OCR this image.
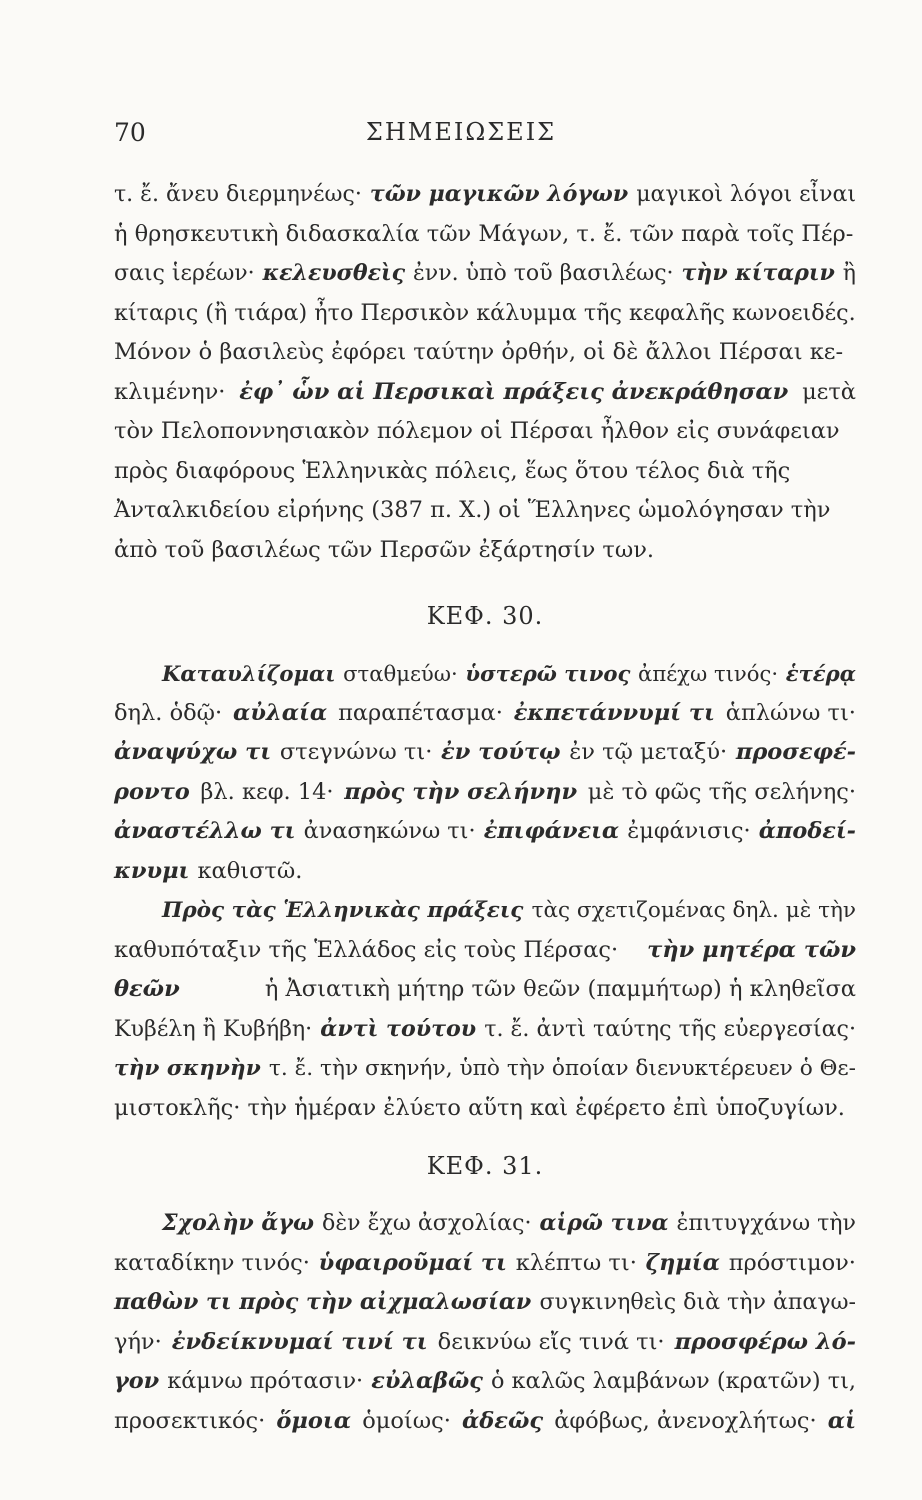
70	ΣΗΜΕΙΩΣΕΙΣ
τ. ἔ. ἄνευ διερμηνέως· τῶν μαγικῶν λόγων μαγικοὶ λόγοι εἶναι
ἡ θρησκευτικὴ διδασκαλία τῶν Μάγων, τ. ἔ. τῶν παρὰ τοῖς Πέρ-
σαις ἱερέων· κελευσθεὶς ἐνν. ὑπὸ τοῦ βασιλέως· τὴν κίταριν ἢ
κίταρις (ἢ τιάρα) ἦτο Περσικὸν κάλυμμα τῆς κεφαλῆς κωνοειδές.
Μόνον ὁ βασιλεὺς ἐφόρει ταύτην ὀρθήν, οἱ δὲ ἄλλοι Πέρσαι κε-
κλιμένην· ἐφ᾽ ὧν αἱ Περσικαὶ πράξεις ἀνεκράθησαν μετὰ
τὸν Πελοποννησιακὸν πόλεμον οἱ Πέρσαι ἦλθον εἰς συνάφειαν
πρὸς διαφόρους Ἑλληνικὰς πόλεις, ἕως ὅτου τέλος διὰ τῆς
Ἀνταλκιδείου εἰρήνης (387 π. Χ.) οἱ Ἕλληνες ὡμολόγησαν τὴν
ἀπὸ τοῦ βασιλέως τῶν Περσῶν ἐξάρτησίν των.
ΚΕΦ. 30.
Καταυλίζομαι σταθμεύω· ὑστερῶ τινος ἀπέχω τινός· ἑτέρᾳ
δηλ. ὁδῷ· αὐλαία παραπέτασμα· ἐκπετάννυμί τι ἁπλώνω τι·
ἀναψύχω τι στεγνώνω τι· ἐν τούτῳ ἐν τῷ μεταξύ· προσεφέ-
ροντο βλ. κεφ. 14· πρὸς τὴν σελήνην μὲ τὸ φῶς τῆς σελήνης·
ἀναστέλλω τι ἀνασηκώνω τι· ἐπιφάνεια ἐμφάνισις· ἀποδεί-
κνυμι καθιστῶ.
Πρὸς τὰς Ἑλληνικὰς πράξεις τὰς σχετιζομένας δηλ. μὲ τὴν
καθυπόταξιν τῆς Ἑλλάδος εἰς τοὺς Πέρσας· τὴν μητέρα τῶν
θεῶν	ἡ Ἀσιατικὴ μήτηρ τῶν θεῶν (παμμήτωρ) ἡ κληθεῖσα
Κυβέλη ἢ Κυβήβη· ἀντὶ τούτου τ. ἔ. ἀντὶ ταύτης τῆς εὐεργεσίας·
τὴν σκηνὴν τ. ἔ. τὴν σκηνήν, ὑπὸ τὴν ὁποίαν διενυκτέρευεν ὁ Θε-
μιστοκλῆς· τὴν ἡμέραν ἐλύετο αὕτη καὶ ἐφέρετο ἐπὶ ὑποζυγίων.
ΚΕΦ. 31.
Σχολὴν ἄγω δὲν ἔχω ἀσχολίας· αἱρῶ τινα ἐπιτυγχάνω τὴν
καταδίκην τινός· ὑφαιροῦμαί τι κλέπτω τι· ζημία πρόστιμον·
παθὼν τι πρὸς τὴν αἰχμαλωσίαν συγκινηθεὶς διὰ τὴν ἀπαγω-
γήν· ἐνδείκνυμαί τινί τι δεικνύω εἴς τινά τι· προσφέρω λό-
γον κάμνω πρότασιν· εὐλαβῶς ὁ καλῶς λαμβάνων (κρατῶν) τι,
προσεκτικός· ὅμοια ὁμοίως· ἀδεῶς ἀφόβως, ἀνενοχλήτως· αἱ
